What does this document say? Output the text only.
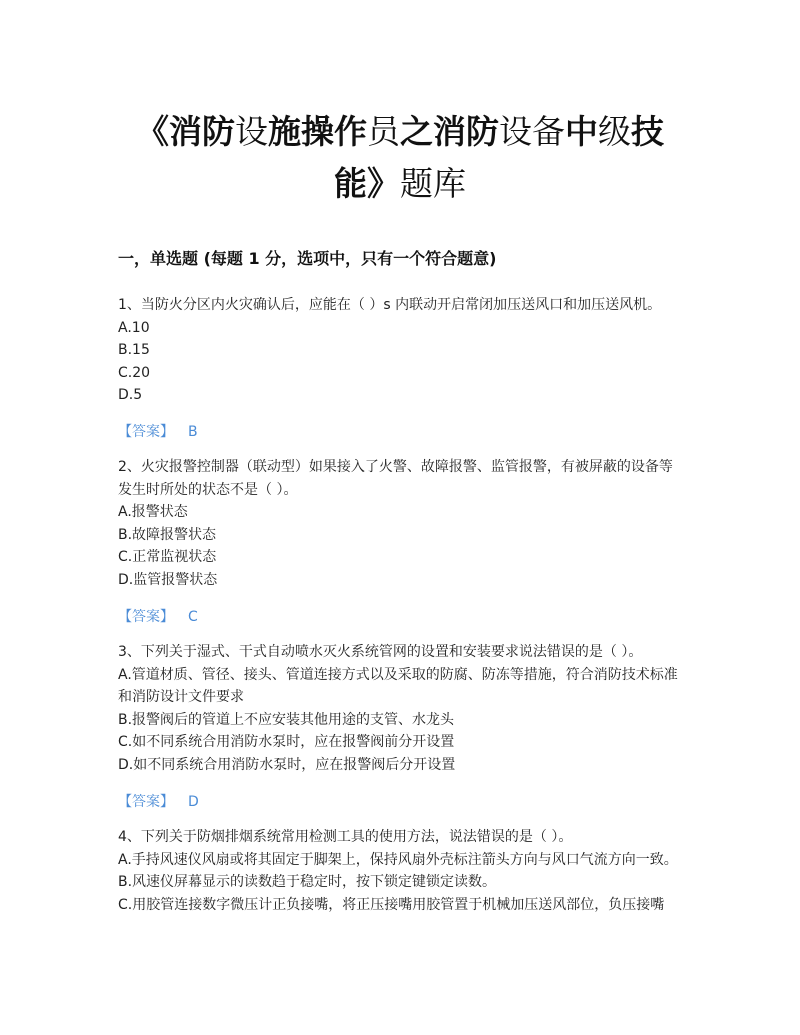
《消防设施操作员之消防设备中级技
能》题库
一，单选题 (每题 1 分，选项中，只有一个符合题意)
1、当防火分区内火灾确认后，应能在（ ）s 内联动开启常闭加压送风口和加压送风机。
A.10
B.15
C.20
D.5
【答案】 B
2、火灾报警控制器（联动型）如果接入了火警、故障报警、监管报警，有被屏蔽的设备等发生时所处的状态不是（ ）。
A.报警状态
B.故障报警状态
C.正常监视状态
D.监管报警状态
【答案】 C
3、下列关于湿式、干式自动喷水灭火系统管网的设置和安装要求说法错误的是（ ）。
A.管道材质、管径、接头、管道连接方式以及采取的防腐、防冻等措施，符合消防技术标准和消防设计文件要求
B.报警阀后的管道上不应安装其他用途的支管、水龙头
C.如不同系统合用消防水泵时，应在报警阀前分开设置
D.如不同系统合用消防水泵时，应在报警阀后分开设置
【答案】 D
4、下列关于防烟排烟系统常用检测工具的使用方法，说法错误的是（ ）。
A.手持风速仪风扇或将其固定于脚架上，保持风扇外壳标注箭头方向与风口气流方向一致。
B.风速仪屏幕显示的读数趋于稳定时，按下锁定键锁定读数。
C.用胶管连接数字微压计正负接嘴，将正压接嘴用胶管置于机械加压送风部位，负压接嘴
